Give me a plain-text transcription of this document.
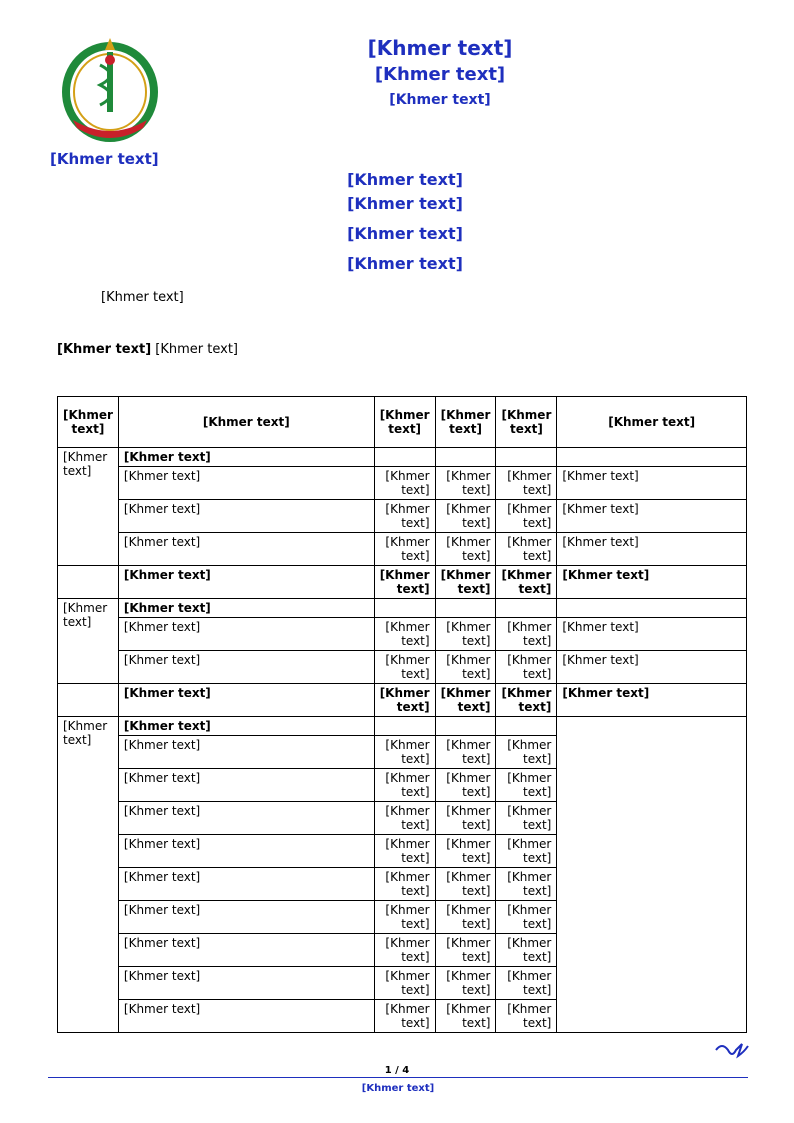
[Khmer text]
[Khmer text]
[Khmer text]
[Khmer text]
[Khmer text]
[Khmer text]
[Khmer text]
[Khmer text]
[Khmer text]
[Khmer text] [Khmer text]
[Khmer text]	[Khmer text]	[Khmer text]	[Khmer text]	[Khmer text]	[Khmer text]
[Khmer text]	[Khmer text]				
	[Khmer text]	[Khmer text]	[Khmer text]	[Khmer text]	[Khmer text]
	[Khmer text]	[Khmer text]	[Khmer text]	[Khmer text]	[Khmer text]
	[Khmer text]	[Khmer text]	[Khmer text]	[Khmer text]	[Khmer text]
	[Khmer text]	[Khmer text]	[Khmer text]	[Khmer text]	[Khmer text]
[Khmer text]	[Khmer text]				
	[Khmer text]	[Khmer text]	[Khmer text]	[Khmer text]	[Khmer text]
	[Khmer text]	[Khmer text]	[Khmer text]	[Khmer text]	[Khmer text]
	[Khmer text]	[Khmer text]	[Khmer text]	[Khmer text]	[Khmer text]
[Khmer text]	[Khmer text]				
	[Khmer text]	[Khmer text]	[Khmer text]	[Khmer text]	
	[Khmer text]	[Khmer text]	[Khmer text]	[Khmer text]	
	[Khmer text]	[Khmer text]	[Khmer text]	[Khmer text]	
	[Khmer text]	[Khmer text]	[Khmer text]	[Khmer text]	
	[Khmer text]	[Khmer text]	[Khmer text]	[Khmer text]	
	[Khmer text]	[Khmer text]	[Khmer text]	[Khmer text]	
	[Khmer text]	[Khmer text]	[Khmer text]	[Khmer text]	
	[Khmer text]	[Khmer text]	[Khmer text]	[Khmer text]	
	[Khmer text]	[Khmer text]	[Khmer text]	[Khmer text]	
1 / 4
[Khmer text]
